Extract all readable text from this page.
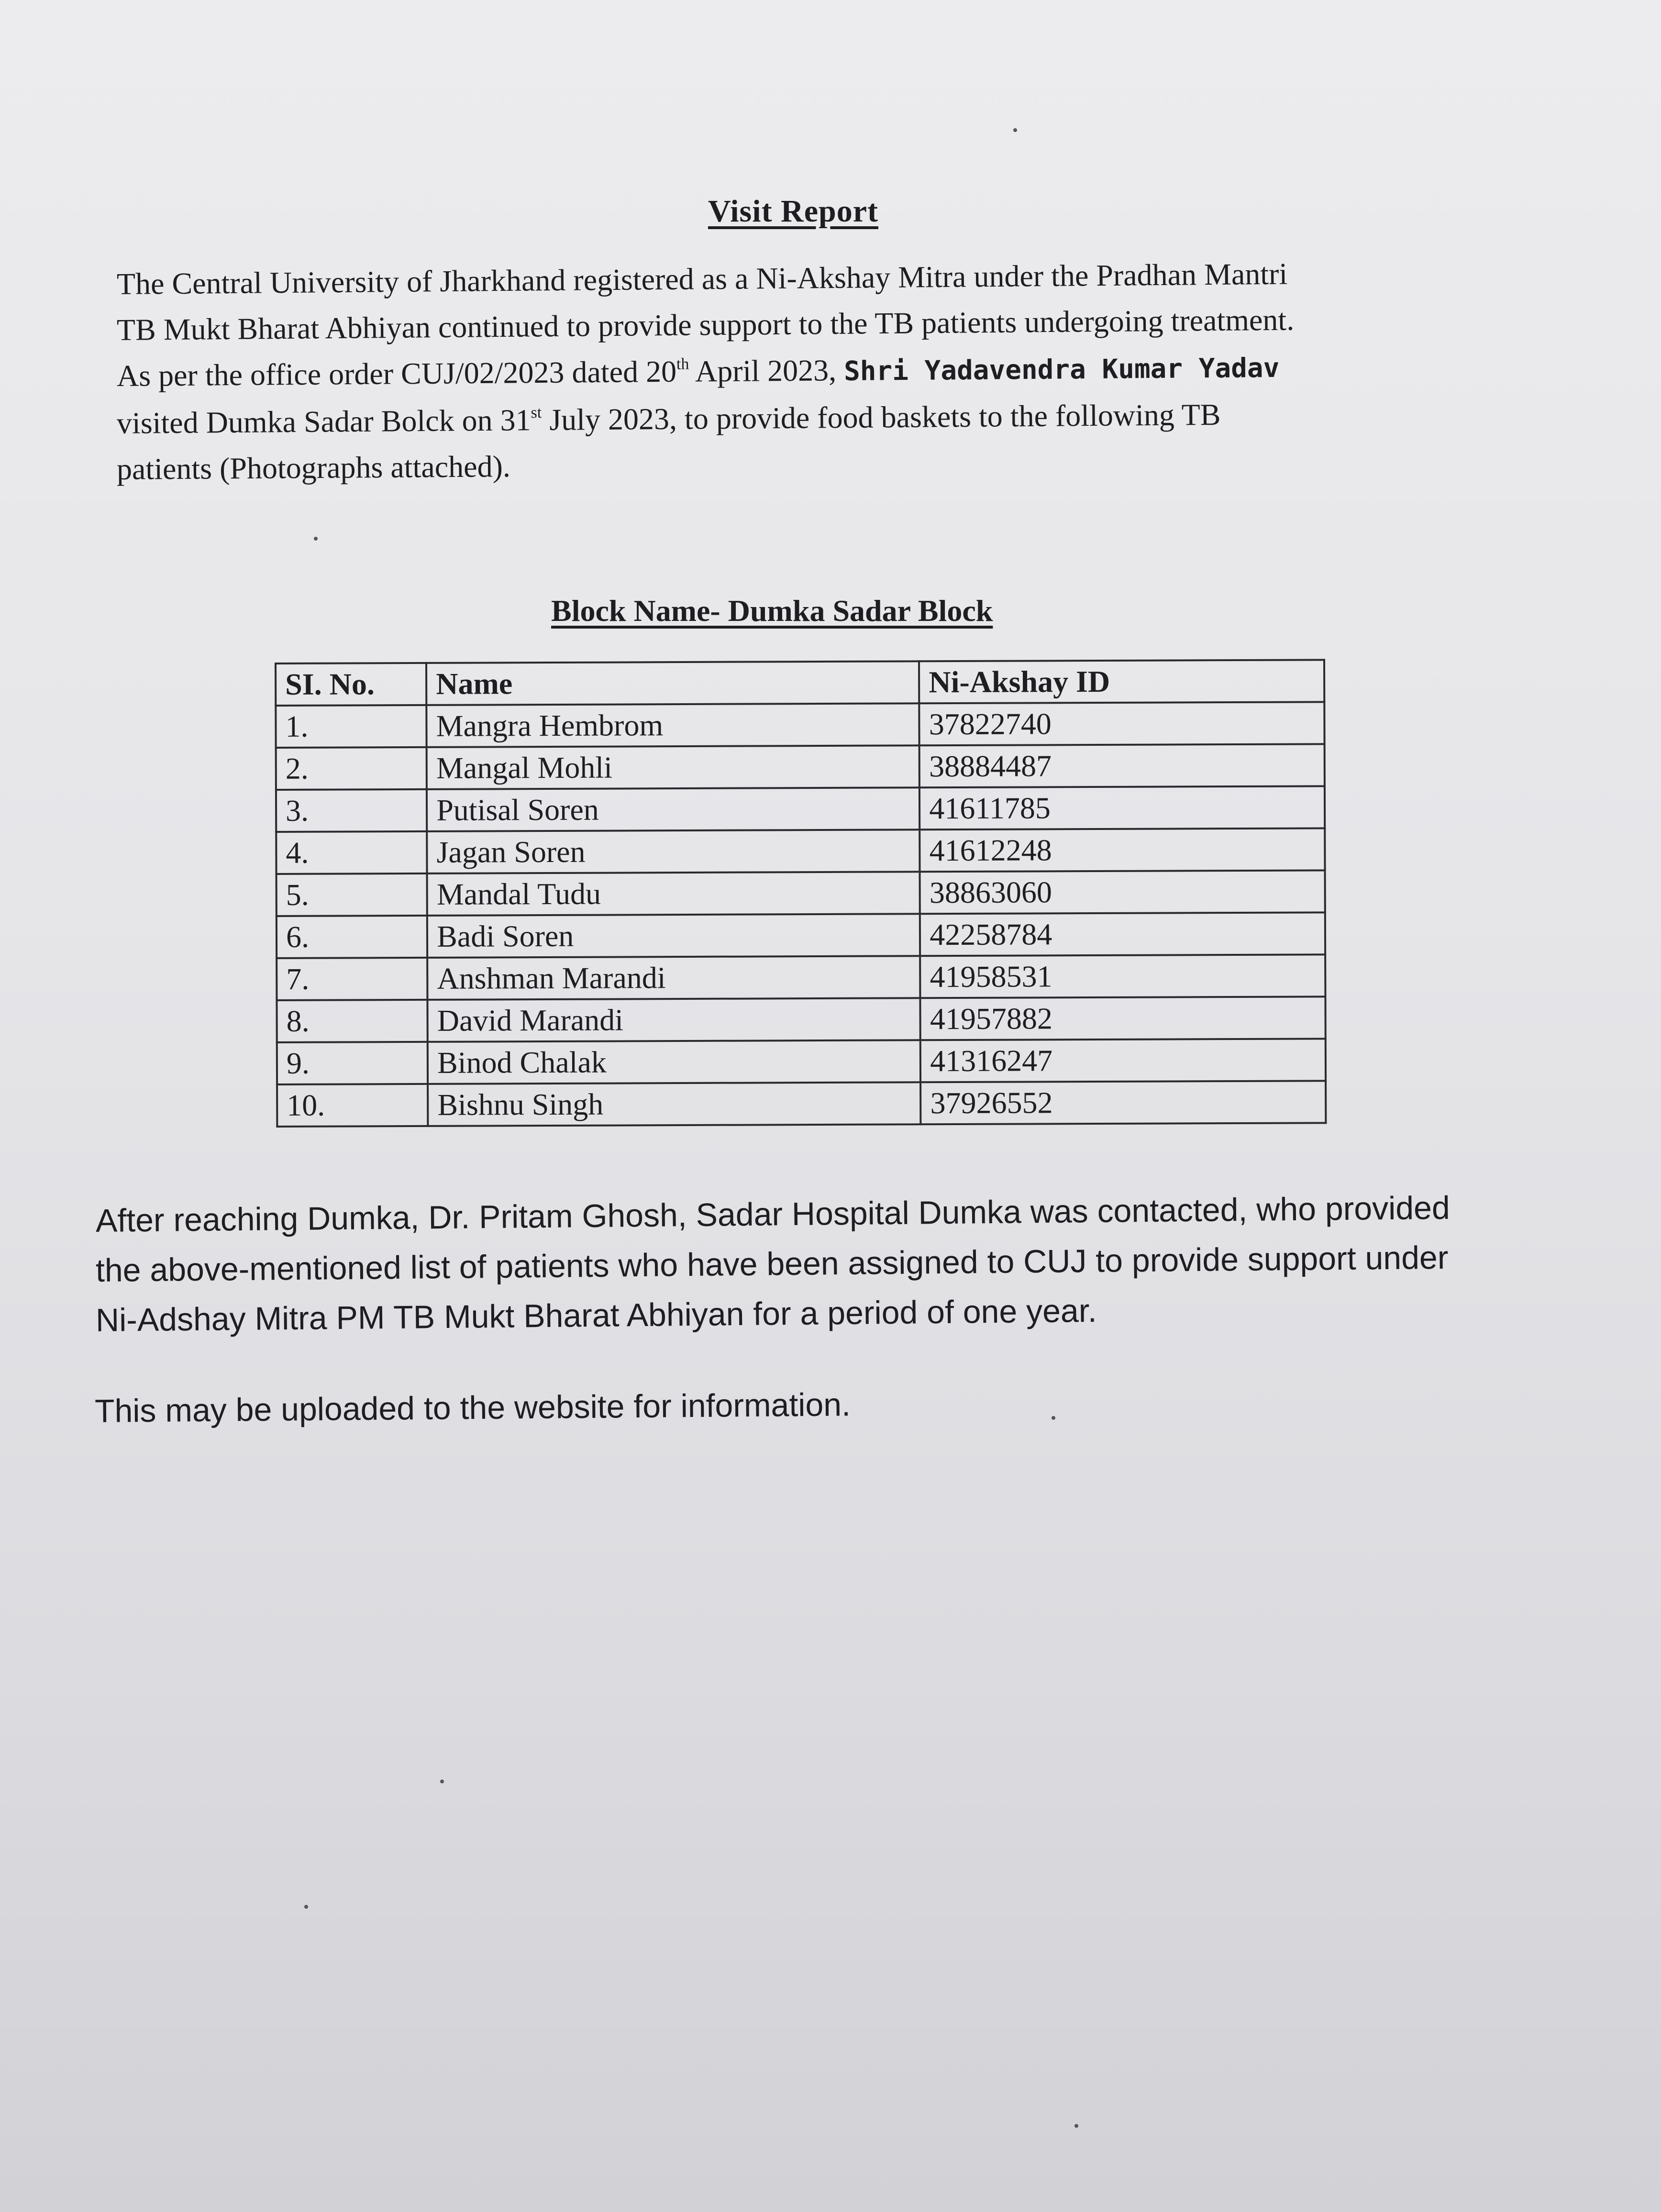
Visit Report
The Central University of Jharkhand registered as a Ni-Akshay Mitra under the Pradhan Mantri
TB Mukt Bharat Abhiyan continued to provide support to the TB patients undergoing treatment.
As per the office order CUJ/02/2023 dated 20th April 2023, Shri Yadavendra Kumar Yadav
visited Dumka Sadar Bolck on 31st July 2023, to provide food baskets to the following TB
patients (Photographs attached).
Block Name- Dumka Sadar Block
SI. No.	Name	Ni-Akshay ID
1.	Mangra Hembrom	37822740
2.	Mangal Mohli	38884487
3.	Putisal Soren	41611785
4.	Jagan Soren	41612248
5.	Mandal Tudu	38863060
6.	Badi Soren	42258784
7.	Anshman Marandi	41958531
8.	David Marandi	41957882
9.	Binod Chalak	41316247
10.	Bishnu Singh	37926552
After reaching Dumka, Dr. Pritam Ghosh, Sadar Hospital Dumka was contacted, who provided
the above-mentioned list of patients who have been assigned to CUJ to provide support under
Ni-Adshay Mitra PM TB Mukt Bharat Abhiyan for a period of one year.
This may be uploaded to the website for information.
